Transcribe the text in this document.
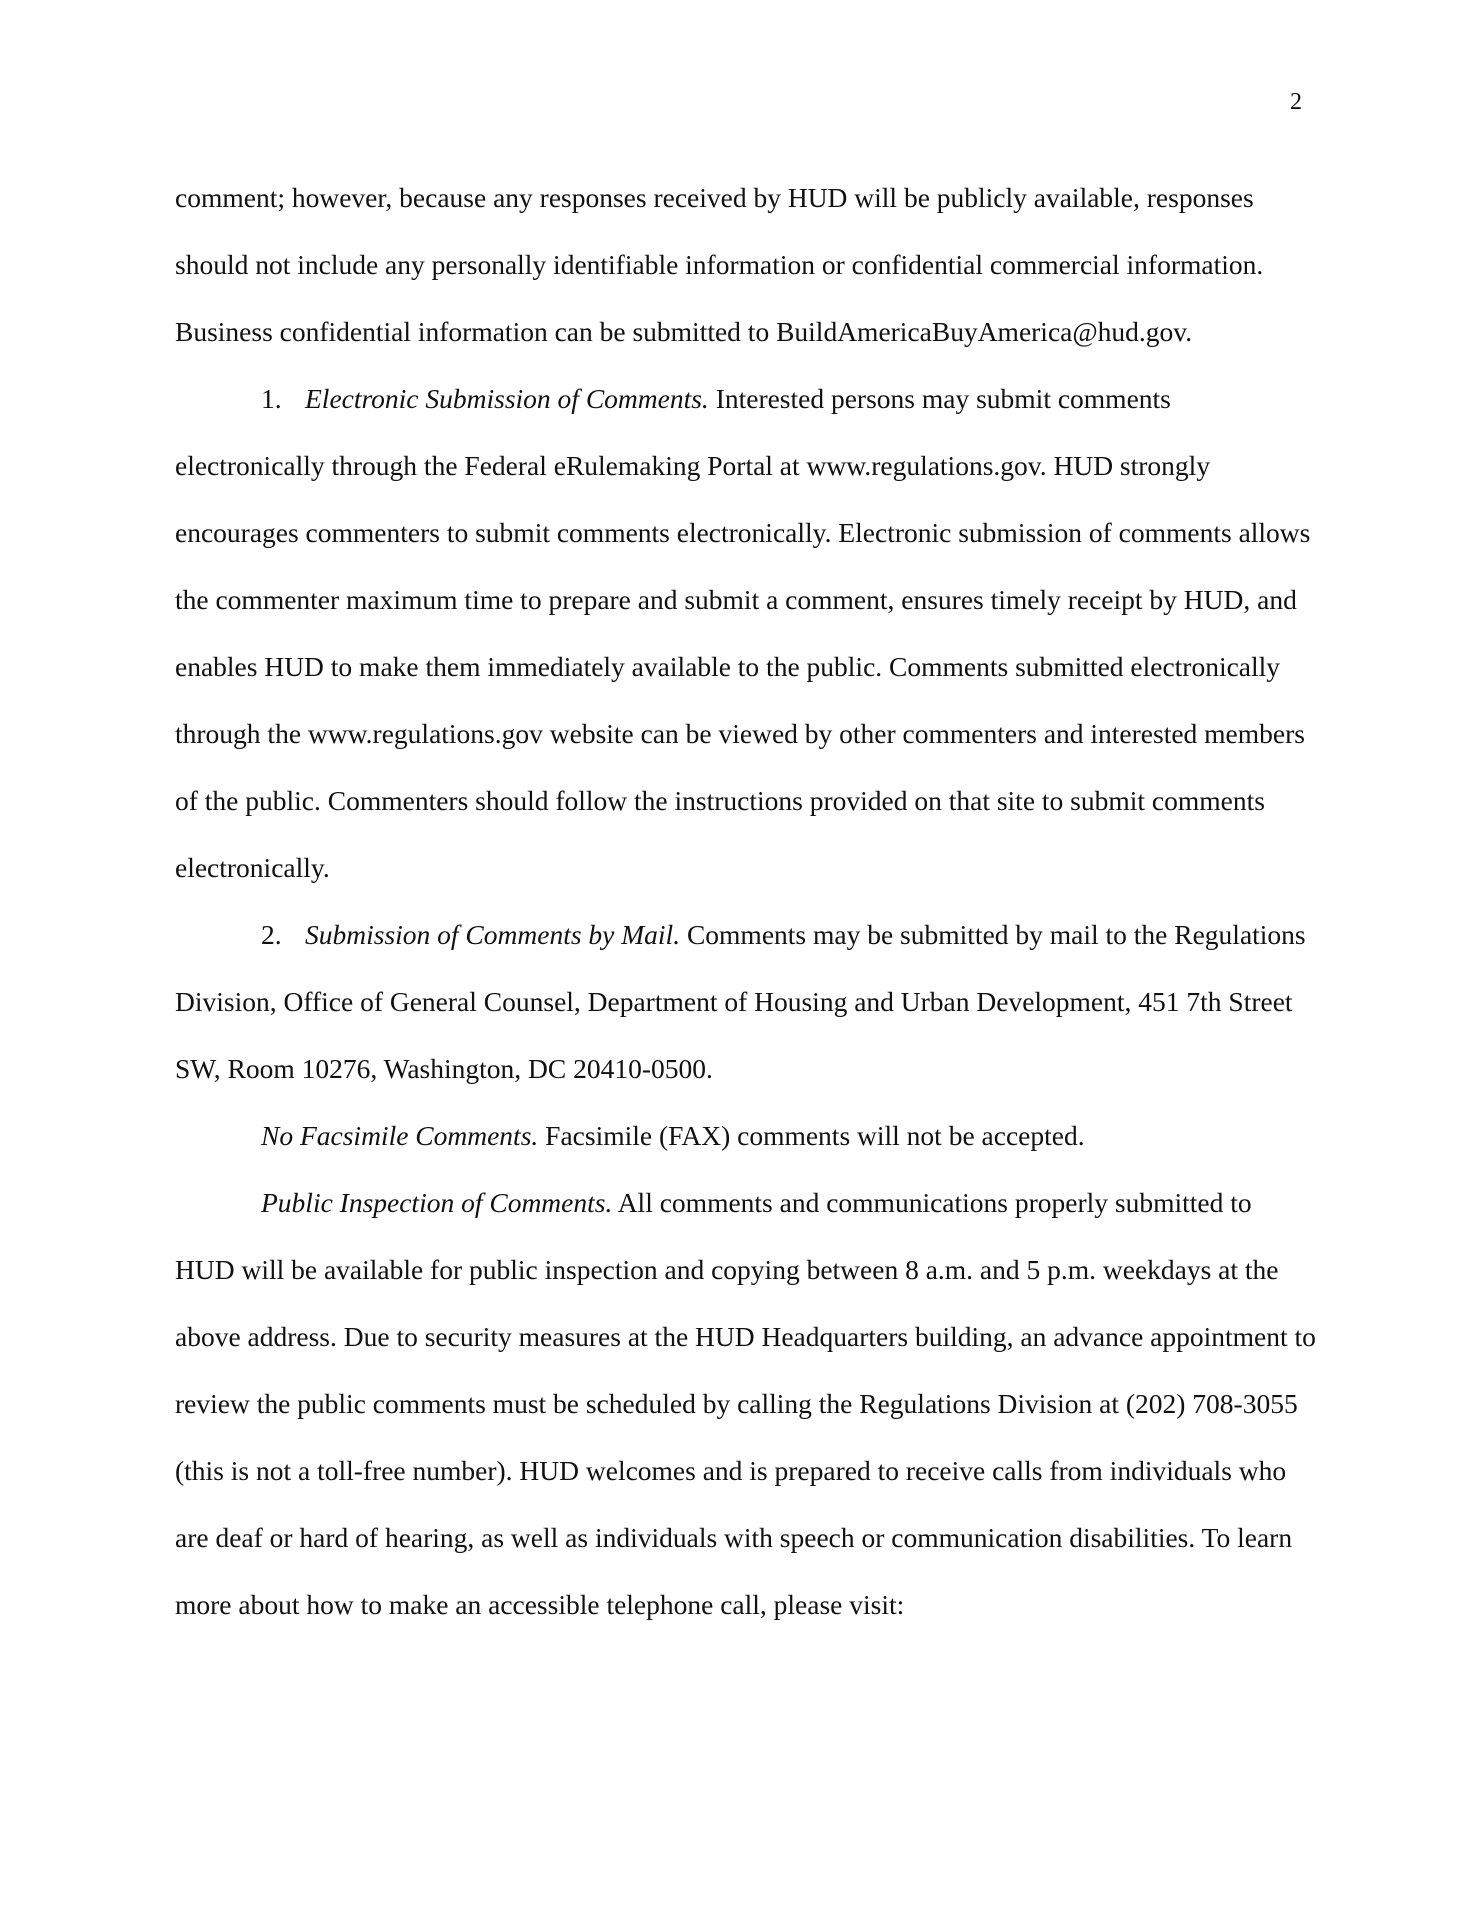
2

comment; however, because any responses received by HUD will be publicly available, responses should not include any personally identifiable information or confidential commercial information. Business confidential information can be submitted to BuildAmericaBuyAmerica@hud.gov.

1. Electronic Submission of Comments. Interested persons may submit comments electronically through the Federal eRulemaking Portal at www.regulations.gov. HUD strongly encourages commenters to submit comments electronically. Electronic submission of comments allows the commenter maximum time to prepare and submit a comment, ensures timely receipt by HUD, and enables HUD to make them immediately available to the public. Comments submitted electronically through the www.regulations.gov website can be viewed by other commenters and interested members of the public. Commenters should follow the instructions provided on that site to submit comments electronically.

2. Submission of Comments by Mail. Comments may be submitted by mail to the Regulations Division, Office of General Counsel, Department of Housing and Urban Development, 451 7th Street SW, Room 10276, Washington, DC 20410-0500.

No Facsimile Comments. Facsimile (FAX) comments will not be accepted.

Public Inspection of Comments. All comments and communications properly submitted to HUD will be available for public inspection and copying between 8 a.m. and 5 p.m. weekdays at the above address. Due to security measures at the HUD Headquarters building, an advance appointment to review the public comments must be scheduled by calling the Regulations Division at (202) 708-3055 (this is not a toll-free number). HUD welcomes and is prepared to receive calls from individuals who are deaf or hard of hearing, as well as individuals with speech or communication disabilities. To learn more about how to make an accessible telephone call, please visit:
